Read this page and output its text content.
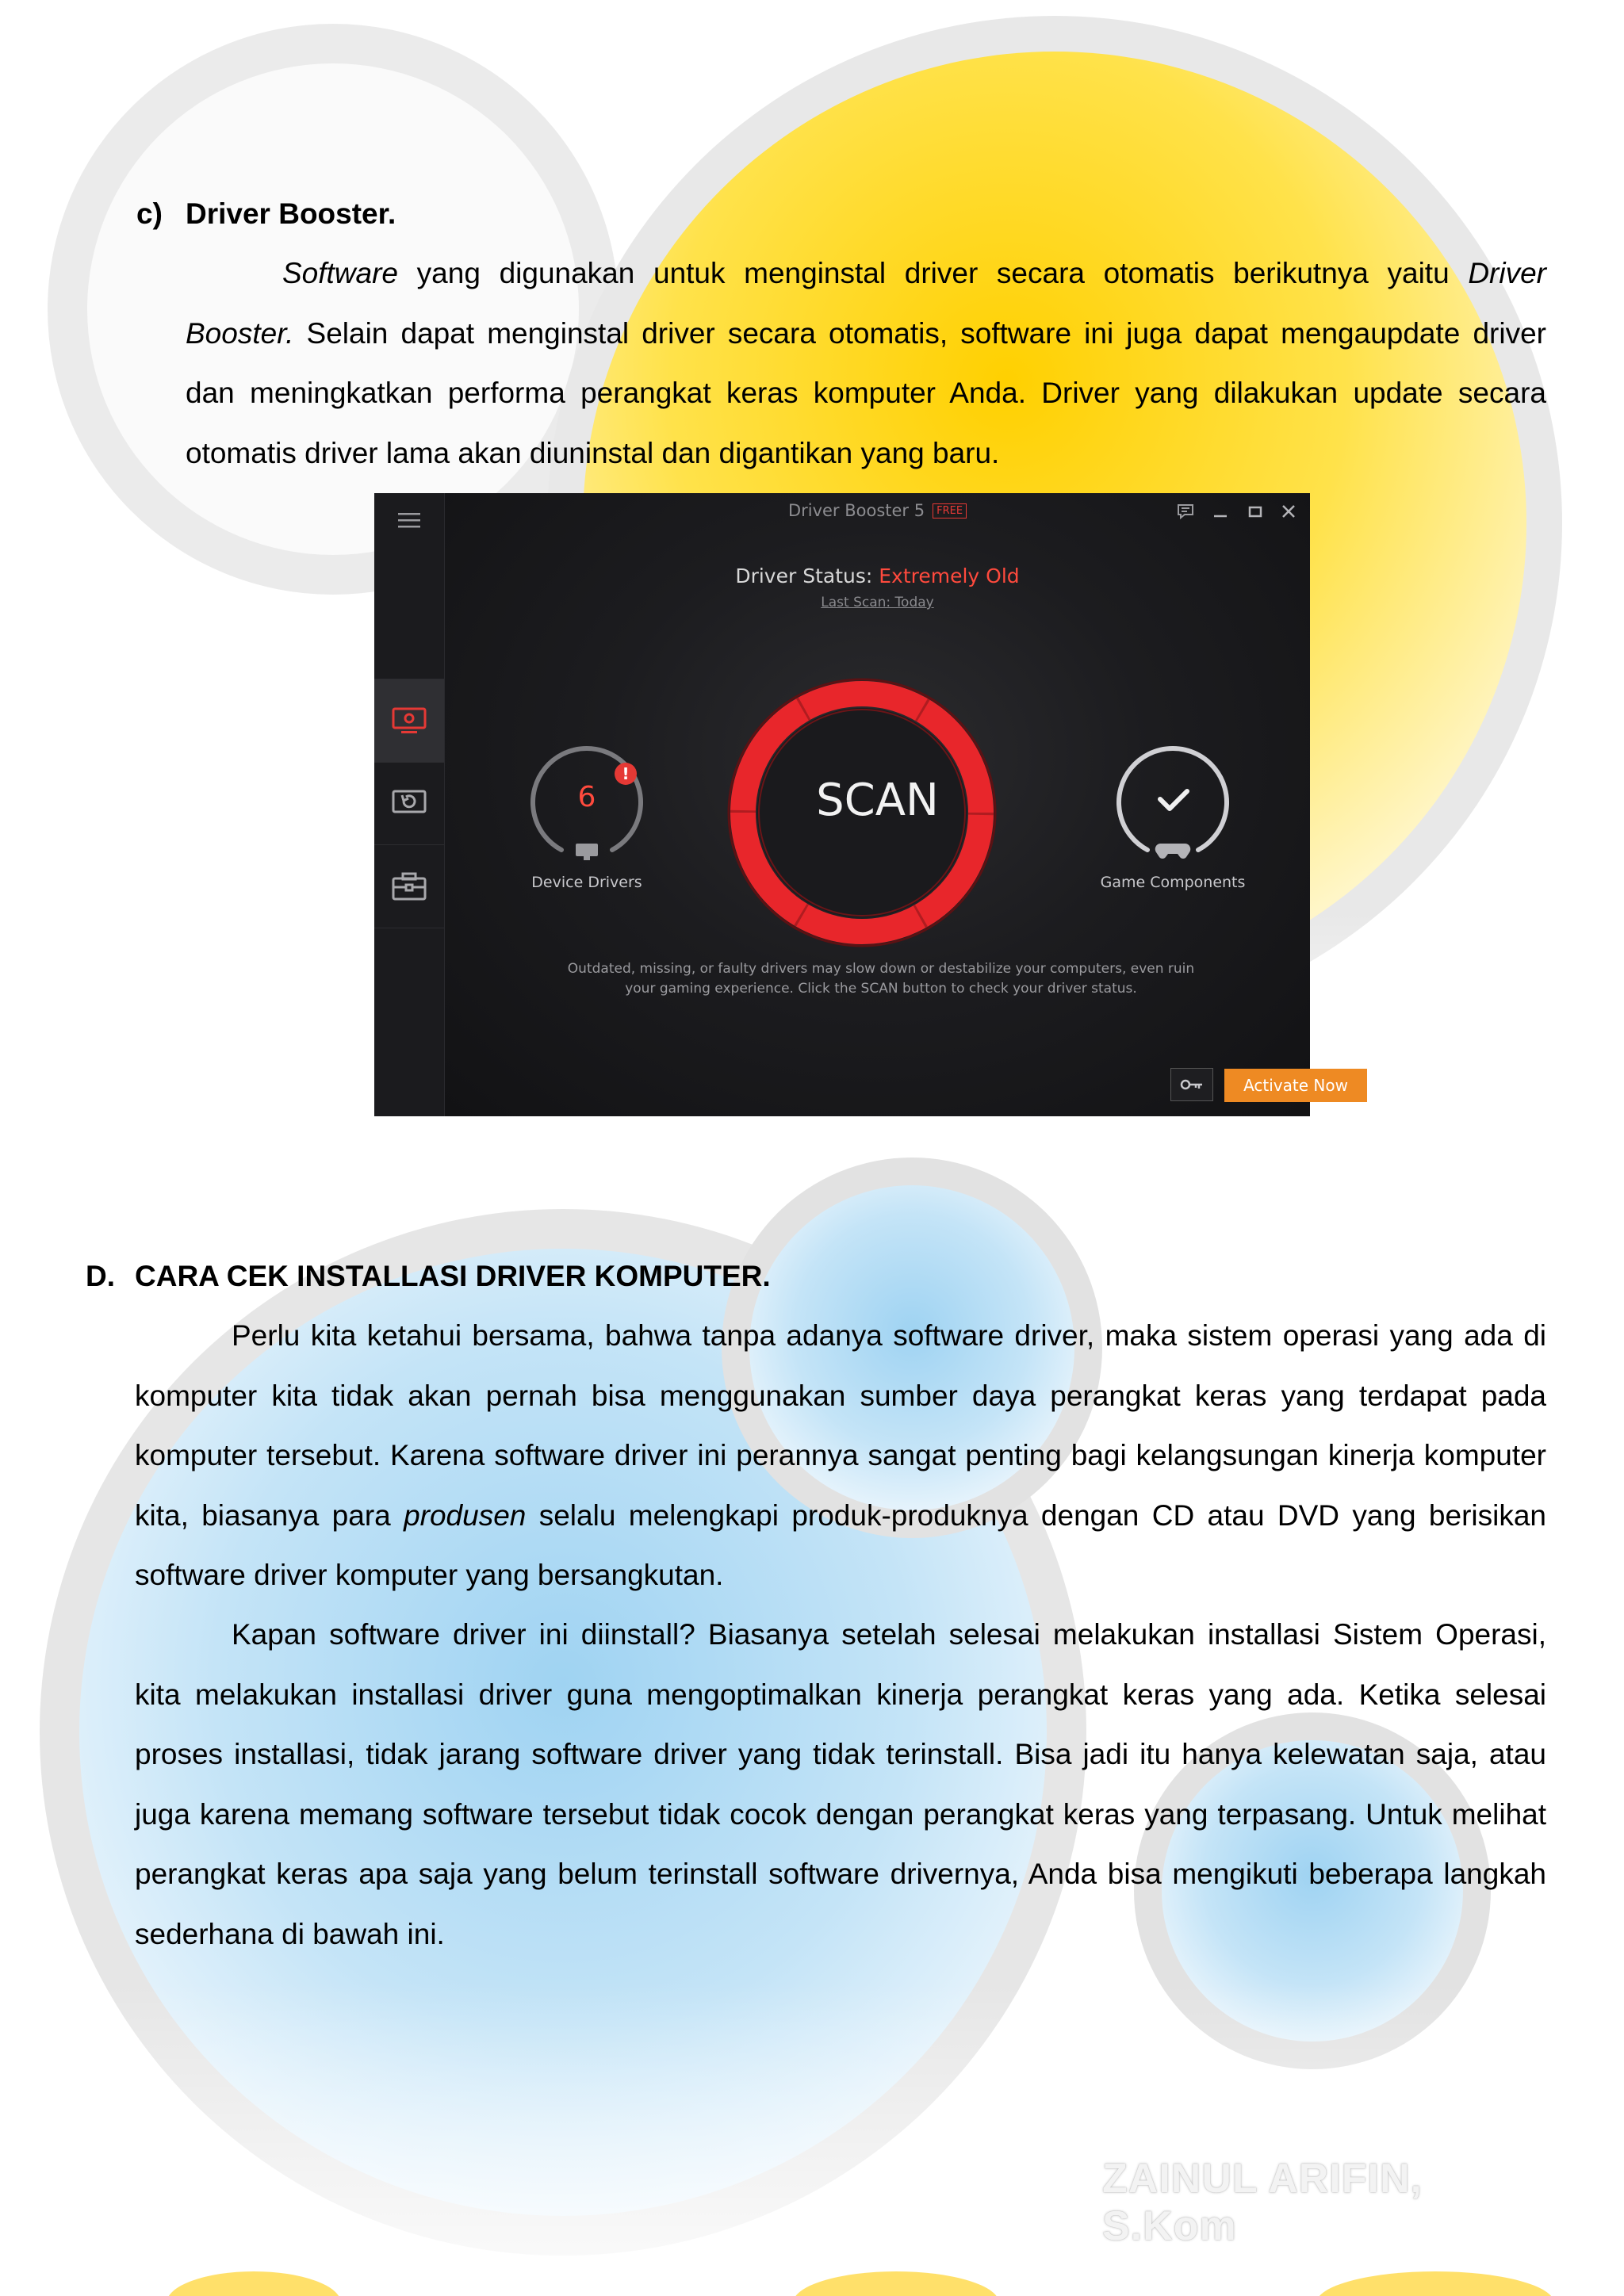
c) Driver Booster.
Software yang digunakan untuk menginstal driver secara otomatis berikutnya yaitu Driver Booster. Selain dapat menginstal driver secara otomatis, software ini juga dapat mengaupdate driver dan meningkatkan performa perangkat keras komputer Anda. Driver yang dilakukan update secara otomatis driver lama akan diuninstal dan digantikan yang baru.
Driver Booster 5 FREE
Driver Status: Extremely Old
Last Scan: Today
6
!
Device Drivers
SCAN
Game Components
Outdated, missing, or faulty drivers may slow down or destabilize your computers, even ruin your gaming experience. Click the SCAN button to check your driver status.
Activate Now
D. CARA CEK INSTALLASI DRIVER KOMPUTER.
Perlu kita ketahui bersama, bahwa tanpa adanya software driver, maka sistem operasi yang ada di komputer kita tidak akan pernah bisa menggunakan sumber daya perangkat keras yang terdapat pada komputer tersebut. Karena software driver ini perannya sangat penting bagi kelangsungan kinerja komputer kita, biasanya para produsen selalu melengkapi produk-produknya dengan CD atau DVD yang berisikan software driver komputer yang bersangkutan.
Kapan software driver ini diinstall? Biasanya setelah selesai melakukan installasi Sistem Operasi, kita melakukan installasi driver guna mengoptimalkan kinerja perangkat keras yang ada. Ketika selesai proses installasi, tidak jarang software driver yang tidak terinstall. Bisa jadi itu hanya kelewatan saja, atau juga karena memang software tersebut tidak cocok dengan perangkat keras yang terpasang. Untuk melihat perangkat keras apa saja yang belum terinstall software drivernya, Anda bisa mengikuti beberapa langkah sederhana di bawah ini.
ZAINUL ARIFIN, S.Kom
